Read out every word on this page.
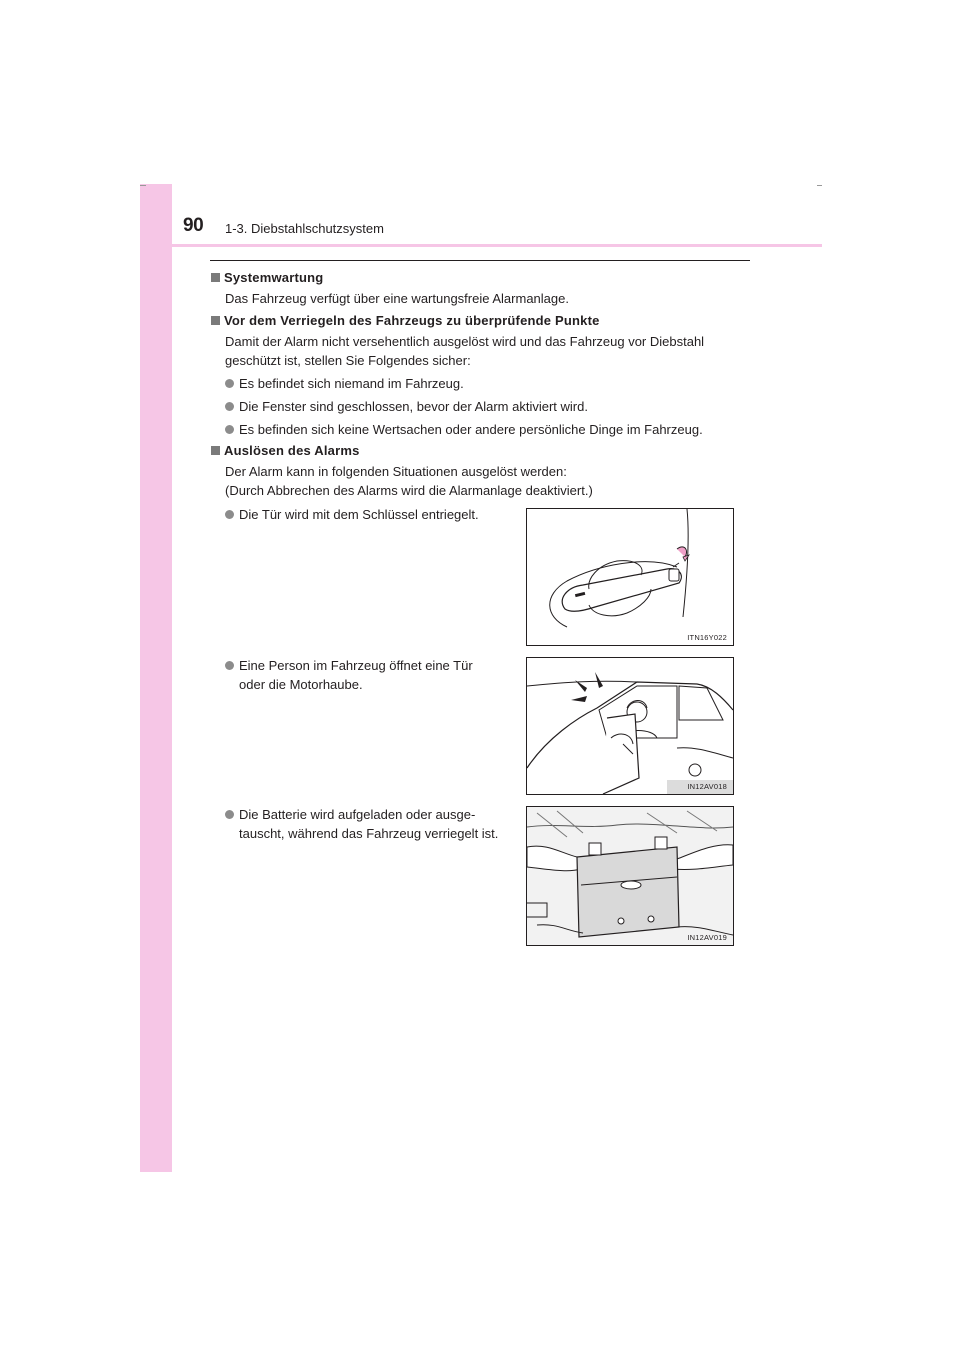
90 1-3. Diebstahlschutzsystem
Systemwartung
Das Fahrzeug verfügt über eine wartungsfreie Alarmanlage.
Vor dem Verriegeln des Fahrzeugs zu überprüfende Punkte
Damit der Alarm nicht versehentlich ausgelöst wird und das Fahrzeug vor Diebstahl
geschützt ist, stellen Sie Folgendes sicher:
Es befindet sich niemand im Fahrzeug.
Die Fenster sind geschlossen, bevor der Alarm aktiviert wird.
Es befinden sich keine Wertsachen oder andere persönliche Dinge im Fahrzeug.
Auslösen des Alarms
Der Alarm kann in folgenden Situationen ausgelöst werden:
(Durch Abbrechen des Alarms wird die Alarmanlage deaktiviert.)
Die Tür wird mit dem Schlüssel entriegelt.
Eine Person im Fahrzeug öffnet eine Tür
oder die Motorhaube.
Die Batterie wird aufgeladen oder ausge-
tauscht, während das Fahrzeug verriegelt ist.
ITN16Y022
IN12AV018
IN12AV019
